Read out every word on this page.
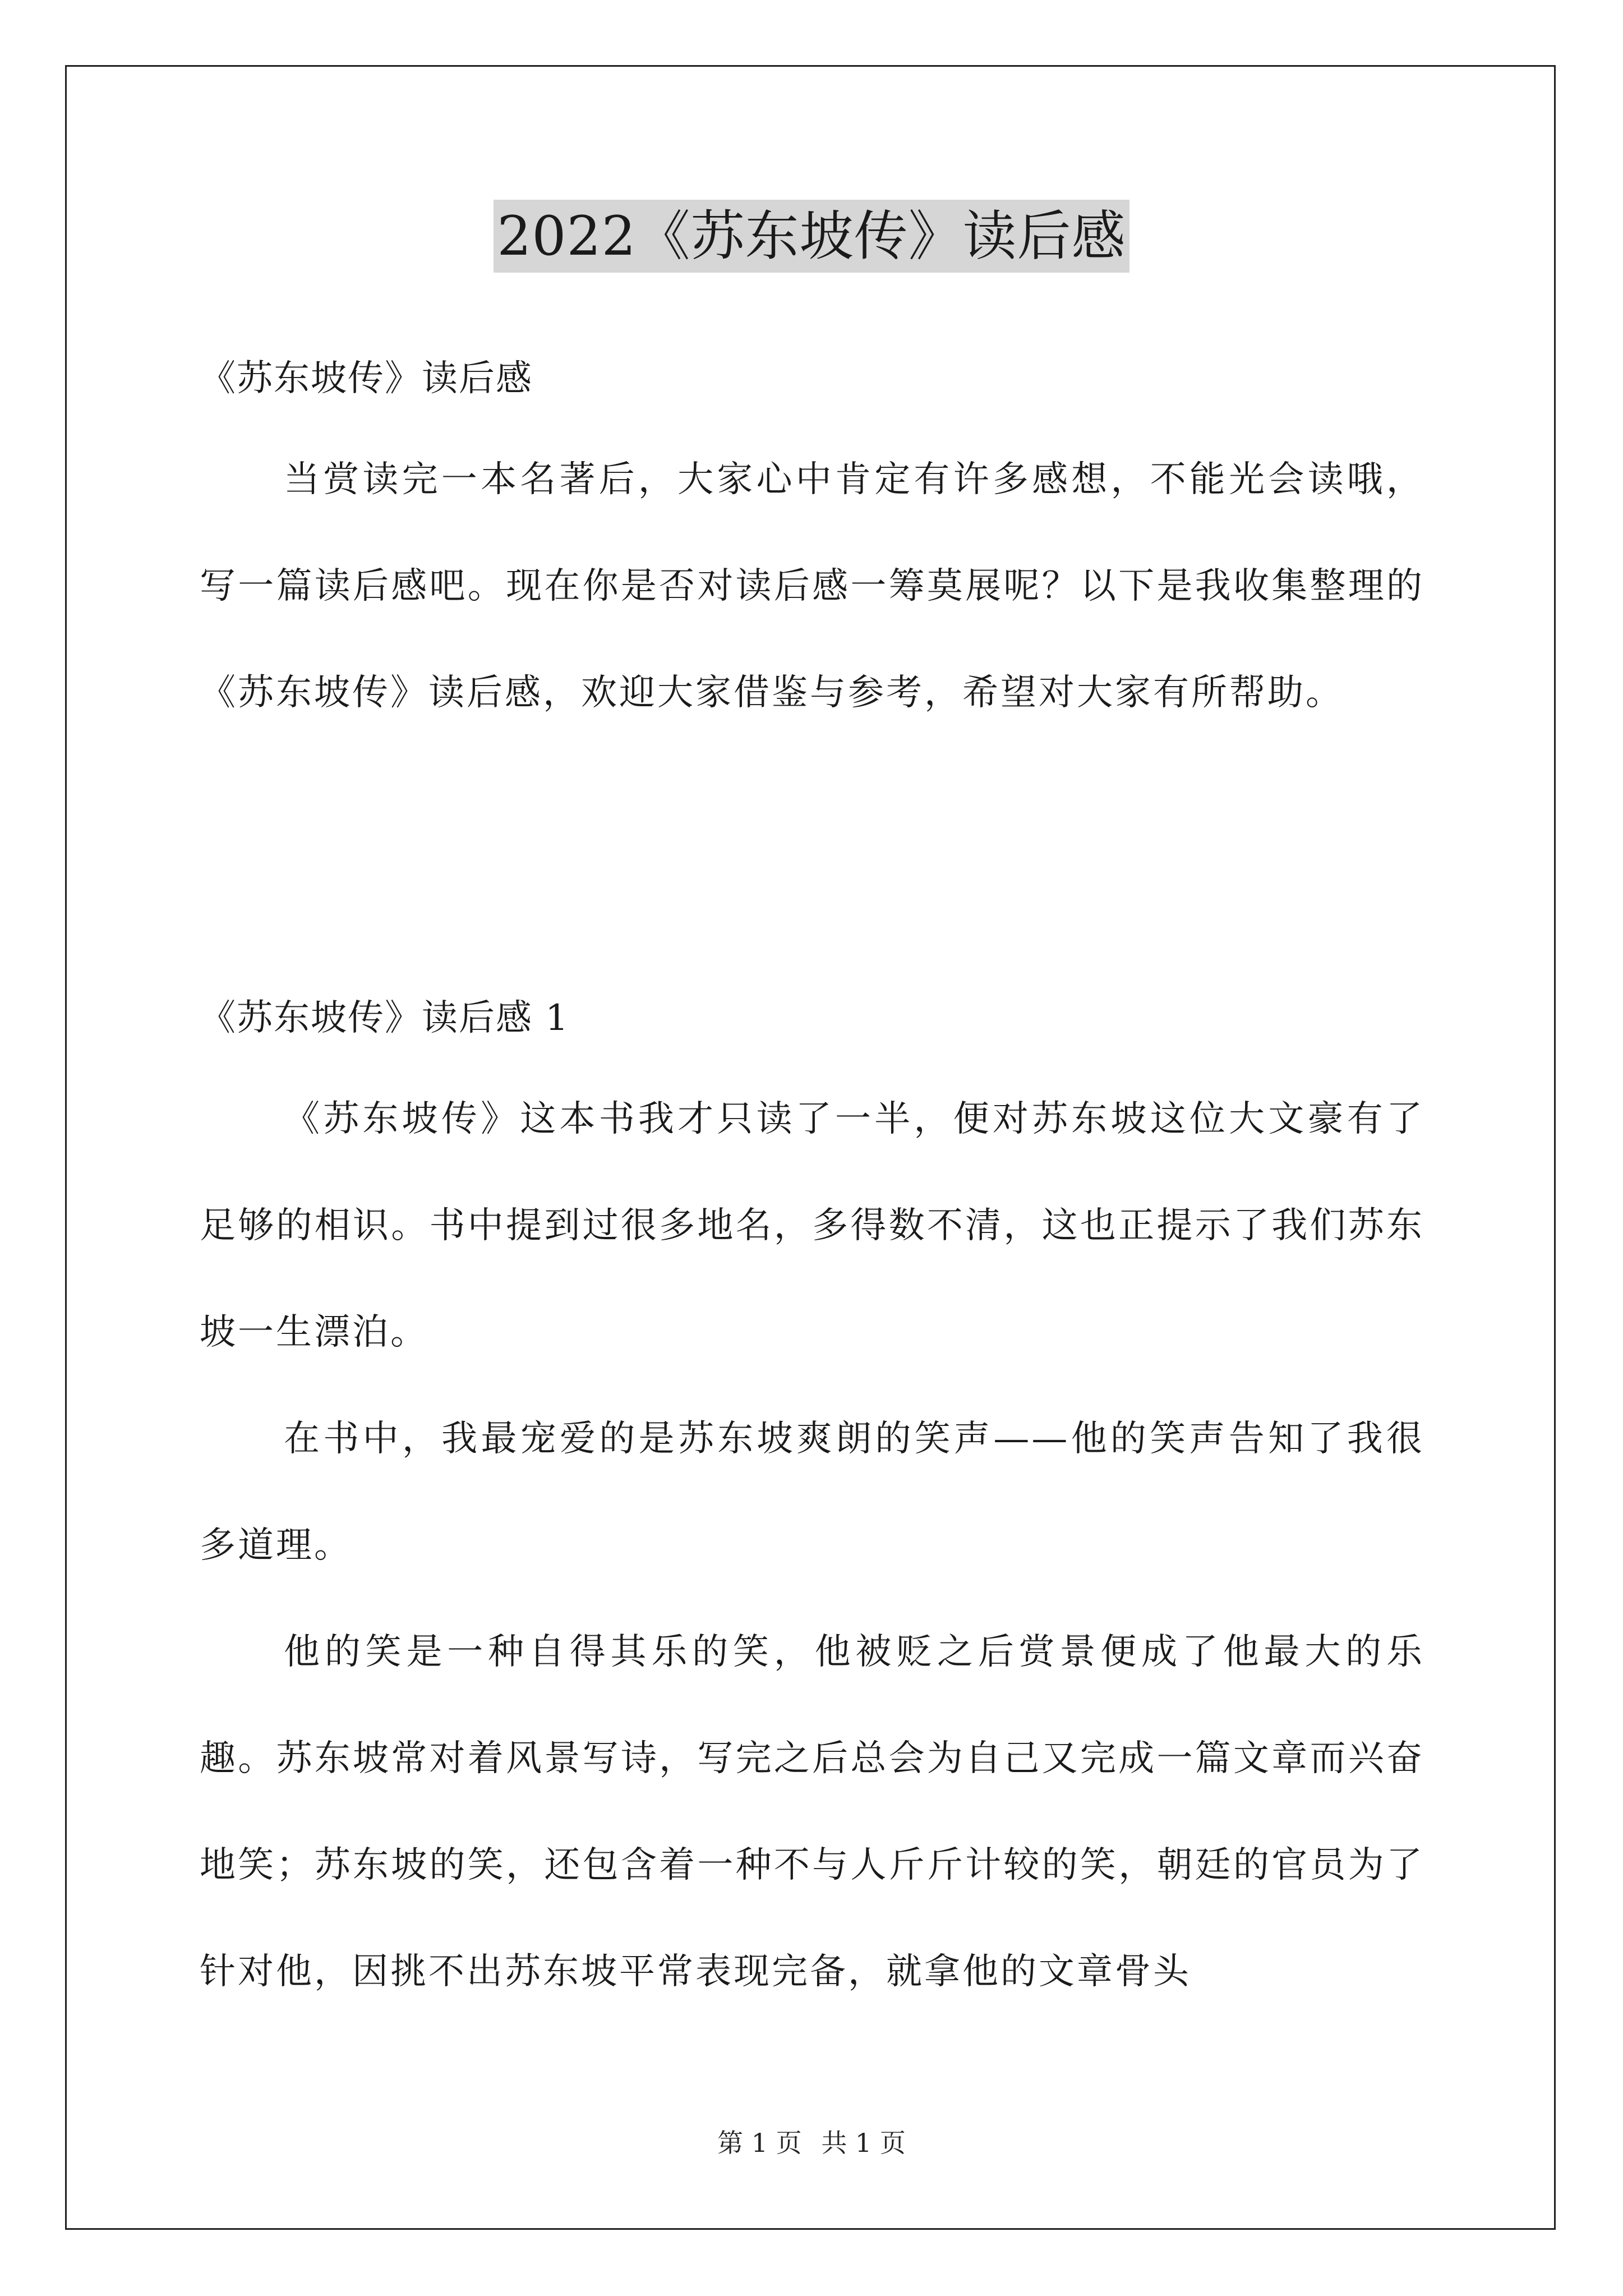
2022《苏东坡传》读后感
《苏东坡传》读后感

当赏读完一本名著后，大家心中肯定有许多感想，不能光会读哦，写一篇读后感吧。现在你是否对读后感一筹莫展呢？以下是我收集整理的《苏东坡传》读后感，欢迎大家借鉴与参考，希望对大家有所帮助。

《苏东坡传》读后感 1

《苏东坡传》这本书我才只读了一半，便对苏东坡这位大文豪有了足够的相识。书中提到过很多地名，多得数不清，这也正提示了我们苏东坡一生漂泊。

在书中，我最宠爱的是苏东坡爽朗的笑声——他的笑声告知了我很多道理。

他的笑是一种自得其乐的笑，他被贬之后赏景便成了他最大的乐趣。苏东坡常对着风景写诗，写完之后总会为自己又完成一篇文章而兴奋地笑；苏东坡的笑，还包含着一种不与人斤斤计较的笑，朝廷的官员为了针对他，因挑不出苏东坡平常表现完备，就拿他的文章骨头

第 1 页 共 1 页
